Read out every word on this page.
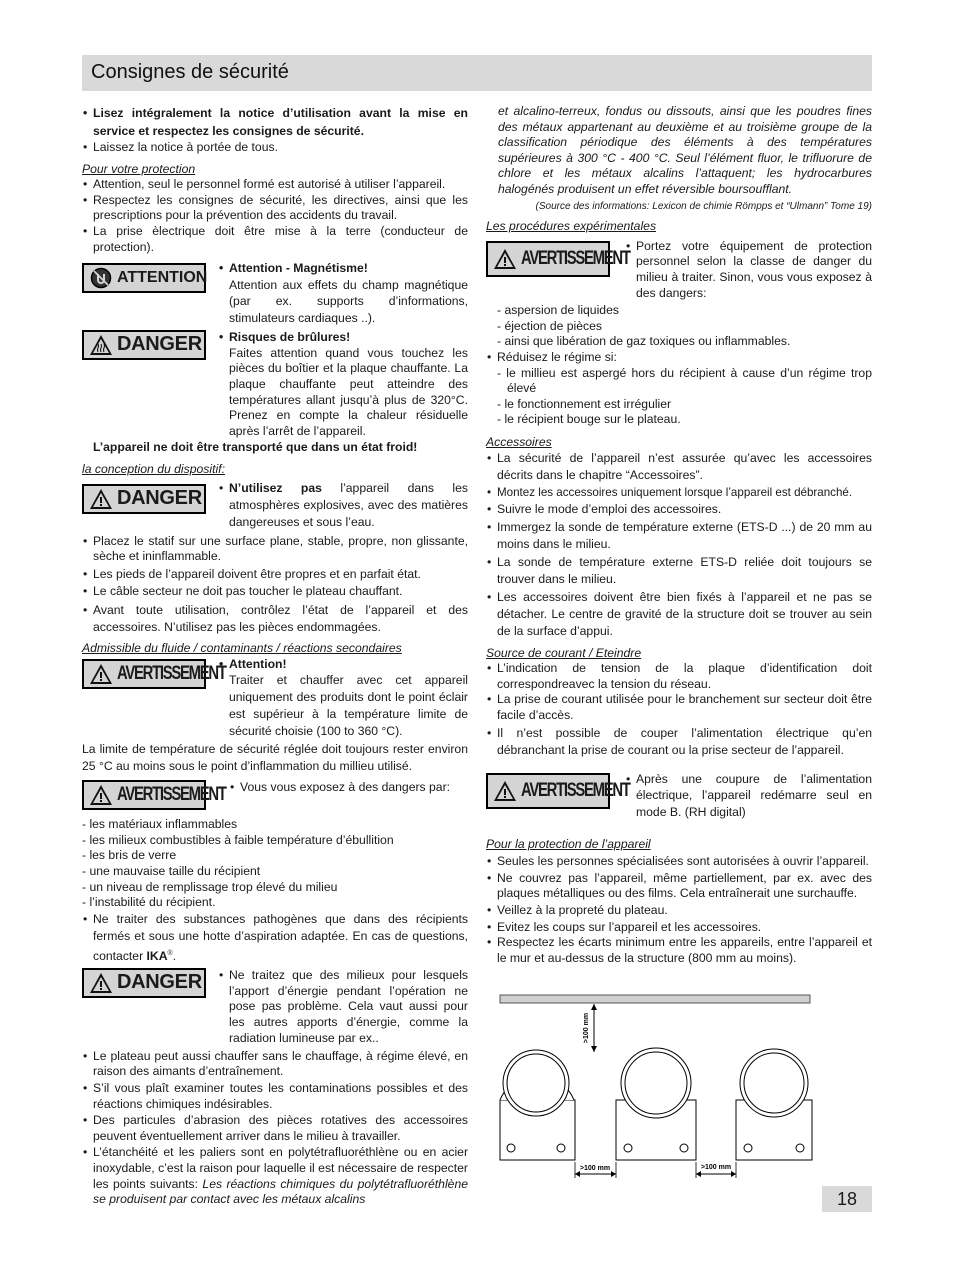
Consignes de sécurité

• Lisez intégralement la notice d’utilisation avant la mise en service et respectez les consignes de sécurité.

• Laissez la notice à portée de tous.

Pour votre protection

• Attention, seul le personnel formé est autorisé à utiliser l’appareil.

• Respectez les consignes de sécurité, les directives, ainsi que les prescriptions pour la prévention des accidents du travail.

• La prise èlectrique doit être mise à la terre (conducteur de protection).

ATTENTION

• Attention - Magnétisme!

Attention aux effets du champ magnétique (par ex. supports d’informations, stimulateurs cardiaques ..).

DANGER	• Risques de brûlures!

Faites attention quand vous touchez les pièces du boîtier et la plaque chauffante. La plaque chauffante peut atteindre des températures allant jusqu’à plus de 320°C. Prenez en compte la chaleur résiduelle après l’arrêt de l’appareil.

L’appareil ne doit être transporté que dans un état froid!

la conception du dispositif:

DANGER	• N’utilisez pas l’appareil dans les atmosphères explosives, avec des matières dangereuses et sous l’eau.

• Placez le statif sur une surface plane, stable, propre, non glissante, sèche et ininflammable.

• Les pieds de l’appareil doivent être propres et en parfait état.

• Le câble secteur ne doit pas toucher le plateau chauffant.

• Avant toute utilisation, contrôlez l’état de l’appareil et des accessoires. N’utilisez pas les pièces endommagées.

Admissible du fluide / contaminants / réactions secondaires

AVERTISSEMENT • Attention!

Traiter et chauffer avec cet appareil uniquement des produits dont le point éclair est supérieur à la température limite de sécurité choisie (100 to 360 °C).

La limite de température de sécurité réglée doit toujours rester environ 25 °C au moins sous le point d’inflammation du millieu utilisé.

AVERTISSEMENT	• Vous vous exposez à des dangers par:

- les matériaux inflammables

- les milieux combustibles à faible température d’ébullition

- les bris de verre

- une mauvaise taille du récipient

- un niveau de remplissage trop élevé du milieu

- l’instabilité du récipient.

• Ne traiter des substances pathogènes que dans des récipients fermés et sous une hotte d’aspiration adaptée. En cas de questions, contacter IKA®.

DANGER	• Ne traitez que des milieux pour lesquels l’apport d’énergie pendant l’opération ne pose pas problème. Cela vaut aussi pour les autres apports d’énergie, comme la radiation lumineuse par ex..

• Le plateau peut aussi chauffer sans le chauffage, à régime élevé, en raison des aimants d’entraînement.

• S’il vous plaît examiner toutes les contaminations possibles et des réactions chimiques indésirables.

• Des particules d’abrasion des pièces rotatives des accessoires peuvent éventuellement arriver dans le milieu à travailler.

• L’étanchéité et les paliers sont en polytétrafluoréthlène ou en acier inoxydable, c’est la raison pour laquelle il est nécessaire de respecter les points suivants: Les réactions chimiques du polytétrafluoréthlène se produisent par contact avec les métaux alcalins

et alcalino-terreux, fondus ou dissouts, ainsi que les poudres fines des métaux appartenant au deuxième et au troisième groupe de la classification périodique des éléments à des températures supérieures à 300 °C - 400 °C. Seul l’élément fluor, le trifluorure de chlore et les métaux alcalins l’attaquent; les hydrocarbures halogénés produisent un effet réversible boursoufflant.

(Source des informations: Lexicon de chimie Römpps et “Ulmann” Tome 19)

Les procédures expérimentales

AVERTISSEMENT

• Portez votre équipement de protection personnel selon la classe de danger du milieu à traiter. Sinon, vous vous exposez à des dangers:

- aspersion de liquides

- éjection de pièces

- ainsi que libération de gaz toxiques ou inflammables.

• Réduisez le régime si:

- le millieu est aspergé hors du récipient à cause d’un régime trop élevé

- le fonctionnement est irrégulier

- le récipient bouge sur le plateau.

Accessoires

• La sécurité de l’appareil n’est assurée qu’avec les accessoires décrits dans le chapitre “Accessoires”.

• Montez les accessoires uniquement lorsque l’appareil est débranché.

• Suivre le mode d’emploi des accessoires.

• Immergez la sonde de température externe (ETS-D ...) de 20 mm au moins dans le milieu.

• La sonde de température externe ETS-D reliée doit toujours se trouver dans le milieu.

• Les accessoires doivent être bien fixés à l’appareil et ne pas se détacher. Le centre de gravité de la structure doit se trouver au sein de la surface d’appui.

Source de courant / Eteindre

• L’indication de tension de la plaque d’identification doit correspondreavec la tension du réseau.

• La prise de courant utilisée pour le branchement sur secteur doit être facile d’accès.

• Il n’est possible de couper l’alimentation électrique qu’en débranchant la prise de courant ou la prise secteur de l’appareil.

AVERTISSEMENT

• Après une coupure de l’alimentation électrique, l’appareil redémarre seul en mode B. (RH digital)

Pour la protection de l’appareil

• Seules les personnes spécialisées sont autorisées à ouvrir l’appareil.

• Ne couvrez pas l’appareil, même partiellement, par ex. avec des plaques métalliques ou des films. Cela entraînerait une surchauffe.

• Veillez à la propreté du plateau.

• Evitez les coups sur l’appareil et les accessoires.

• Respectez les écarts minimum entre les appareils, entre l’appareil et le mur et au-dessus de la structure (800 mm au moins).

>100 mm
>100 mm	>100 mm
18
